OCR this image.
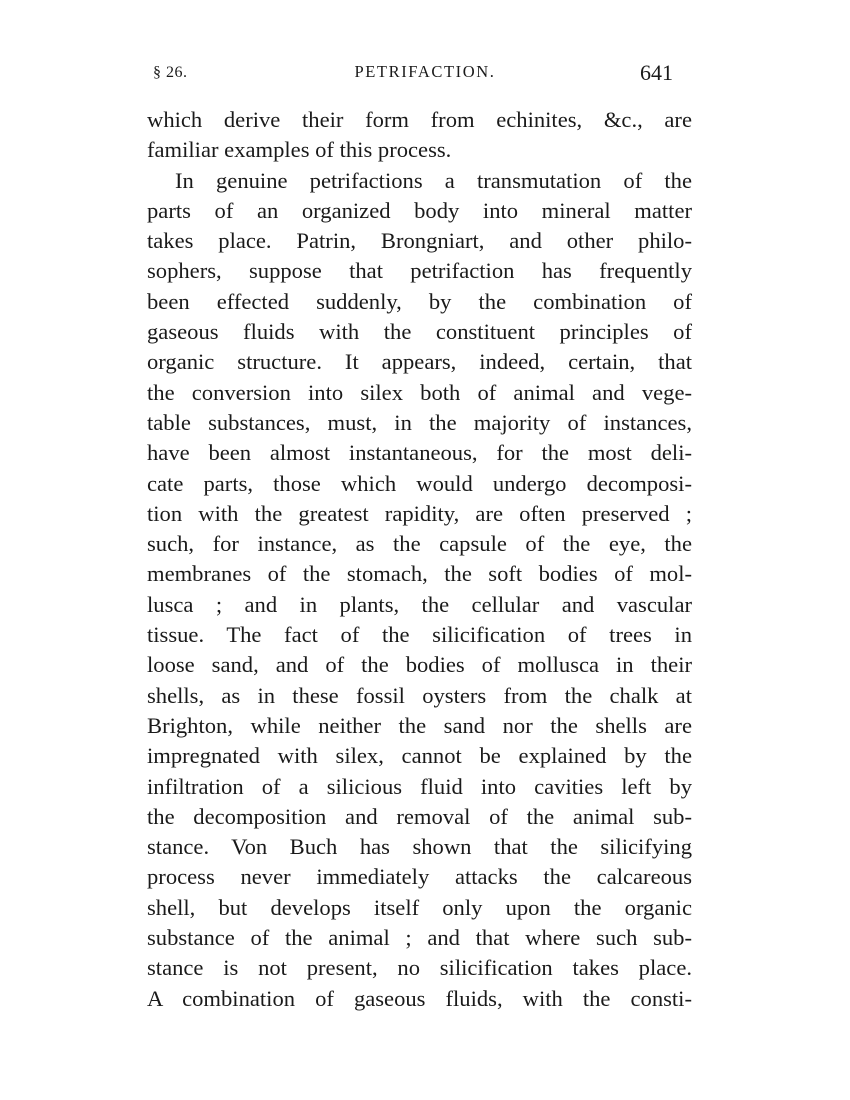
§ 26.	PETRIFACTION.	641
which derive their form from echinites, &c., are
familiar examples of this process.
In genuine petrifactions a transmutation of the
parts of an organized body into mineral matter
takes place. Patrin, Brongniart, and other philo-
sophers, suppose that petrifaction has frequently
been effected suddenly, by the combination of
gaseous fluids with the constituent principles of
organic structure. It appears, indeed, certain, that
the conversion into silex both of animal and vege-
table substances, must, in the majority of instances,
have been almost instantaneous, for the most deli-
cate parts, those which would undergo decomposi-
tion with the greatest rapidity, are often preserved ;
such, for instance, as the capsule of the eye, the
membranes of the stomach, the soft bodies of mol-
lusca ; and in plants, the cellular and vascular
tissue. The fact of the silicification of trees in
loose sand, and of the bodies of mollusca in their
shells, as in these fossil oysters from the chalk at
Brighton, while neither the sand nor the shells are
impregnated with silex, cannot be explained by the
infiltration of a silicious fluid into cavities left by
the decomposition and removal of the animal sub-
stance. Von Buch has shown that the silicifying
process never immediately attacks the calcareous
shell, but develops itself only upon the organic
substance of the animal ; and that where such sub-
stance is not present, no silicification takes place.
A combination of gaseous fluids, with the consti-
